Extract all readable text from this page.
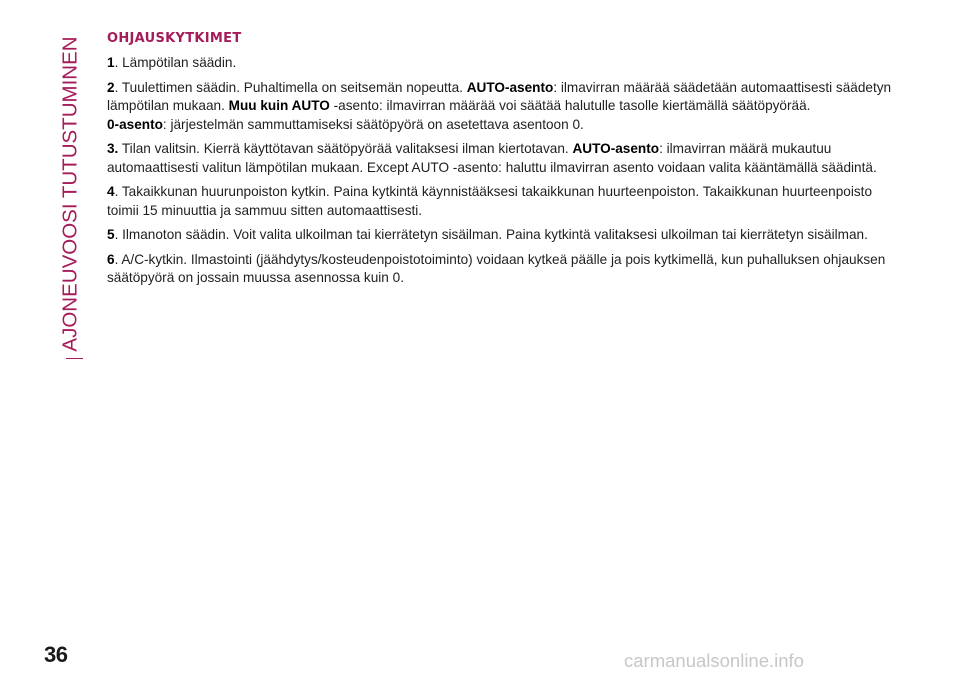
AJONEUVOOSI TUTUSTUMINEN OHJAUSKYTKIMET

1. Lämpötilan säädin.

2. Tuulettimen säädin. Puhaltimella on seitsemän nopeutta. AUTO-asento: ilmavirran määrää säädetään automaattisesti säädetyn lämpötilan mukaan. Muu kuin AUTO -asento: ilmavirran määrää voi säätää halutulle tasolle kiertämällä säätöpyörää.
0-asento: järjestelmän sammuttamiseksi säätöpyörä on asetettava asentoon 0.

3. Tilan valitsin. Kierrä käyttötavan säätöpyörää valitaksesi ilman kiertotavan. AUTO-asento: ilmavirran määrä mukautuu automaattisesti valitun lämpötilan mukaan. Except AUTO -asento: haluttu ilmavirran asento voidaan valita kääntämällä säädintä.

4. Takaikkunan huurunpoiston kytkin. Paina kytkintä käynnistääksesi takaikkunan huurteenpoiston. Takaikkunan huurteenpoisto toimii 15 minuuttia ja sammuu sitten automaattisesti.

5. Ilmanoton säädin. Voit valita ulkoilman tai kierrätetyn sisäilman. Paina kytkintä valitaksesi ulkoilman tai kierrätetyn sisäilman.

6. A/C-kytkin. Ilmastointi (jäähdytys/kosteudenpoistotoiminto) voidaan kytkeä päälle ja pois kytkimellä, kun puhalluksen ohjauksen säätöpyörä on jossain muussa asennossa kuin 0.

36	carmanualsonline.info
